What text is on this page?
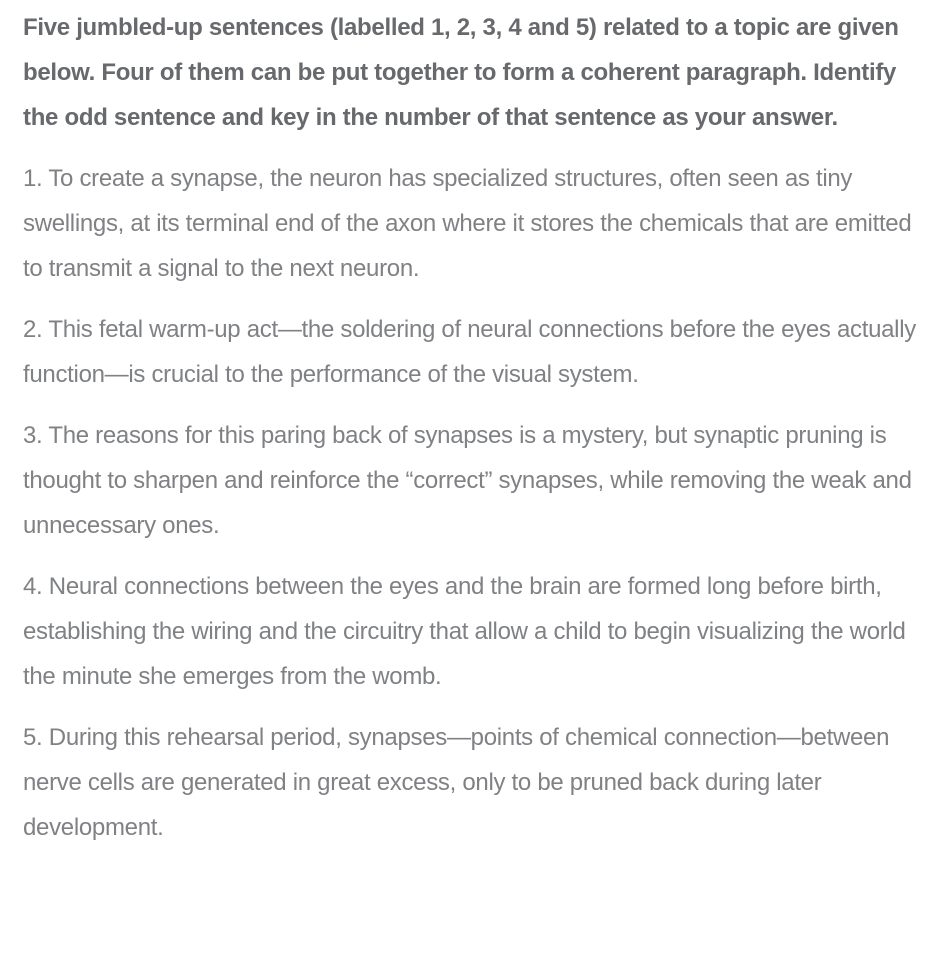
Five jumbled-up sentences (labelled 1, 2, 3, 4 and 5) related to a topic are given below. Four of them can be put together to form a coherent paragraph. Identify the odd sentence and key in the number of that sentence as your answer.

1. To create a synapse, the neuron has specialized structures, often seen as tiny swellings, at its terminal end of the axon where it stores the chemicals that are emitted to transmit a signal to the next neuron.

2. This fetal warm-up act—the soldering of neural connections before the eyes actually function—is crucial to the performance of the visual system.

3. The reasons for this paring back of synapses is a mystery, but synaptic pruning is thought to sharpen and reinforce the “correct” synapses, while removing the weak and unnecessary ones.

4. Neural connections between the eyes and the brain are formed long before birth, establishing the wiring and the circuitry that allow a child to begin visualizing the world the minute she emerges from the womb.

5. During this rehearsal period, synapses—points of chemical connection—between nerve cells are generated in great excess, only to be pruned back during later development.
